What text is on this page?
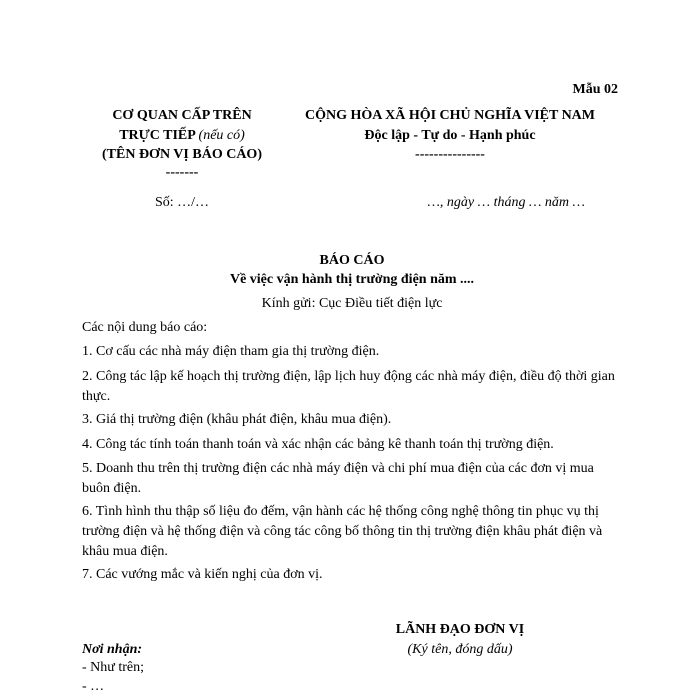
Mẫu 02
CƠ QUAN CẤP TRÊN
TRỰC TIẾP (nếu có)
(TÊN ĐƠN VỊ BÁO CÁO)
-------
Số: …/…
CỘNG HÒA XÃ HỘI CHỦ NGHĨA VIỆT NAM
Độc lập - Tự do - Hạnh phúc
---------------
…, ngày … tháng … năm …
BÁO CÁO
Về việc vận hành thị trường điện năm ....
Kính gửi: Cục Điều tiết điện lực
Các nội dung báo cáo:
1. Cơ cấu các nhà máy điện tham gia thị trường điện.
2. Công tác lập kế hoạch thị trường điện, lập lịch huy động các nhà máy điện, điều độ thời gian thực.
3. Giá thị trường điện (khâu phát điện, khâu mua điện).
4. Công tác tính toán thanh toán và xác nhận các bảng kê thanh toán thị trường điện.
5. Doanh thu trên thị trường điện các nhà máy điện và chi phí mua điện của các đơn vị mua buôn điện.
6. Tình hình thu thập số liệu đo đếm, vận hành các hệ thống công nghệ thông tin phục vụ thị trường điện và hệ thống điện và công tác công bố thông tin thị trường điện khâu phát điện và khâu mua điện.
7. Các vướng mắc và kiến nghị của đơn vị.
LÃNH ĐẠO ĐƠN VỊ
(Ký tên, đóng dấu)
Nơi nhận:
- Như trên;
- …
